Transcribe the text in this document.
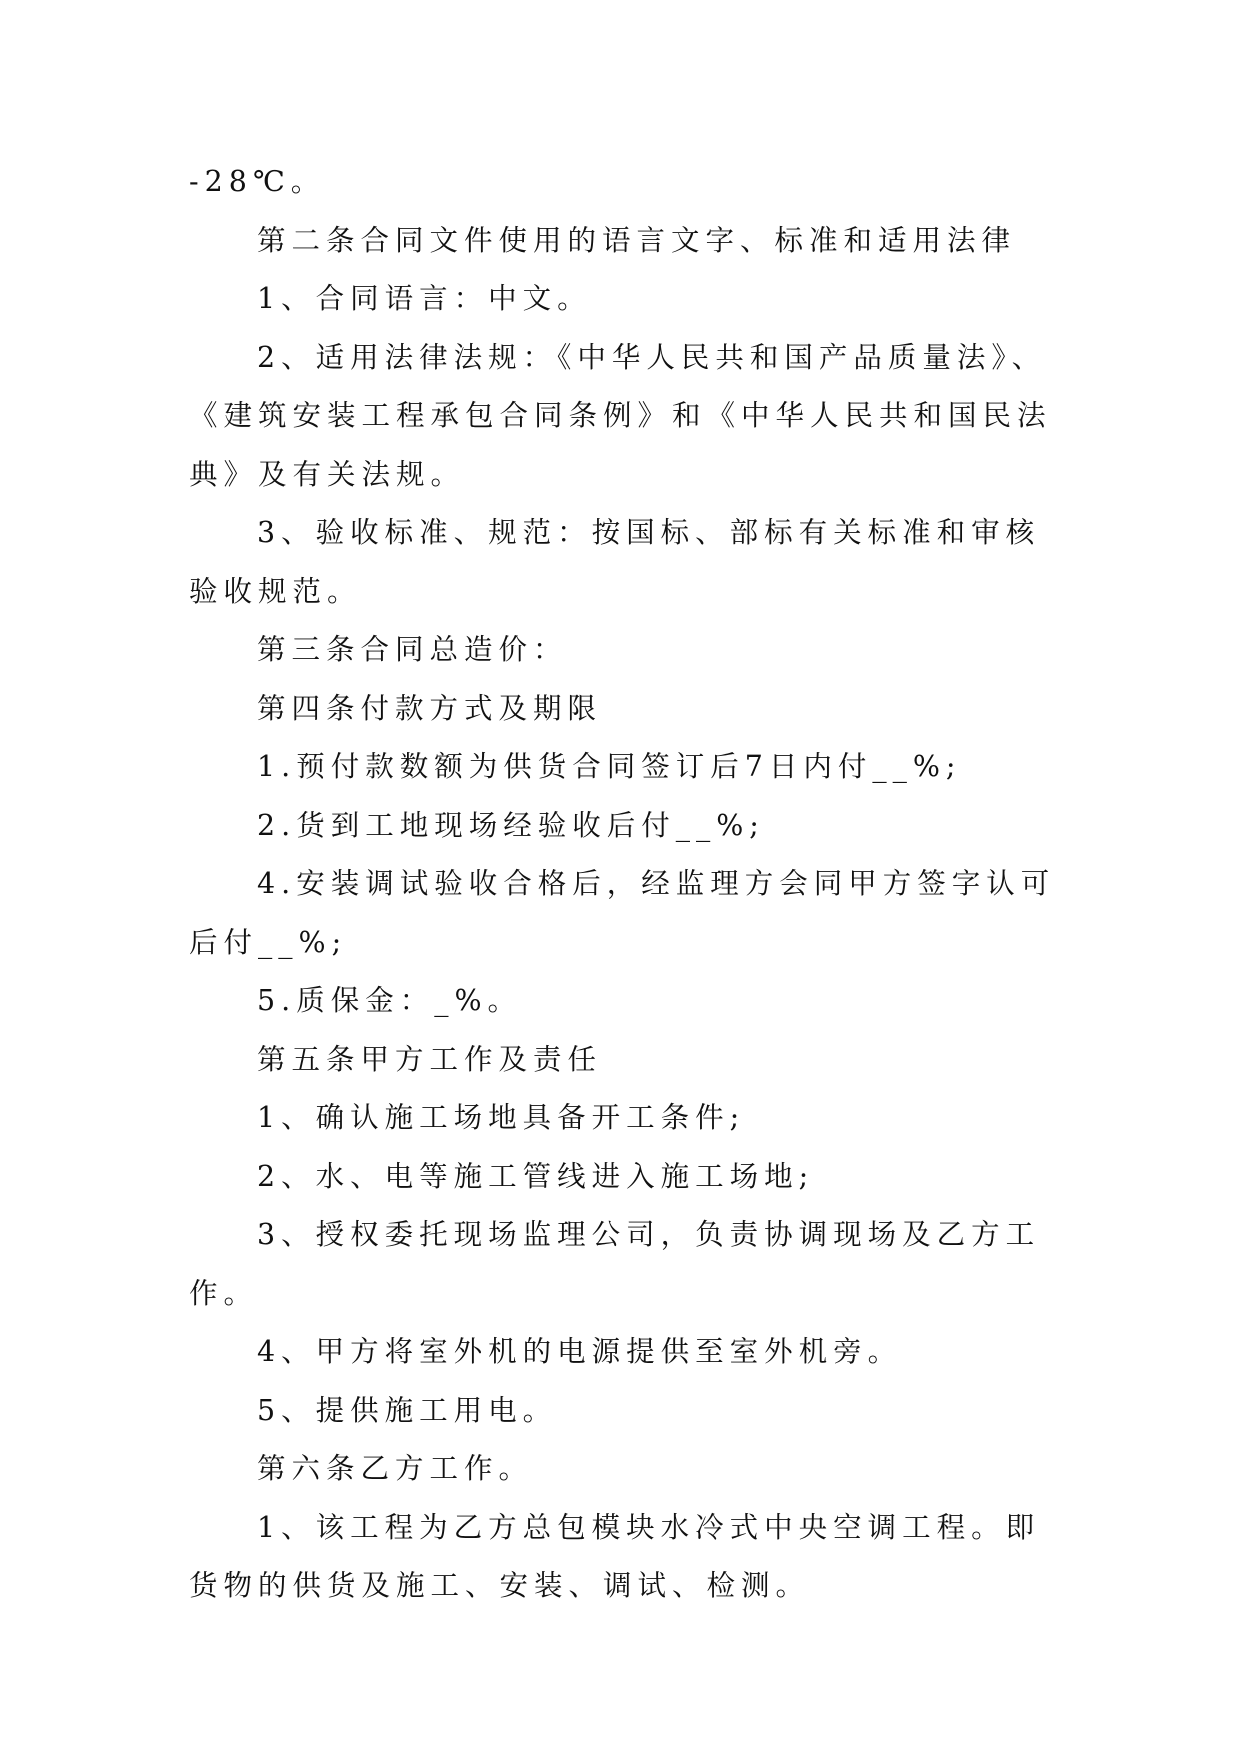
-28℃。

第二条合同文件使用的语言文字、标准和适用法律

1、合同语言：中文。

2、适用法律法规：《中华人民共和国产品质量法》、《建筑安装工程承包合同条例》和《中华人民共和国民法典》及有关法规。

3、验收标准、规范：按国标、部标有关标准和审核验收规范。

第三条合同总造价：

第四条付款方式及期限

1.预付款数额为供货合同签订后7日内付__%;

2.货到工地现场经验收后付__%;

4.安装调试验收合格后，经监理方会同甲方签字认可后付__%;

5.质保金：_%。

第五条甲方工作及责任

1、确认施工场地具备开工条件;

2、水、电等施工管线进入施工场地;

3、授权委托现场监理公司，负责协调现场及乙方工作。

4、甲方将室外机的电源提供至室外机旁。

5、提供施工用电。

第六条乙方工作。

1、该工程为乙方总包模块水冷式中央空调工程。即货物的供货及施工、安装、调试、检测。
